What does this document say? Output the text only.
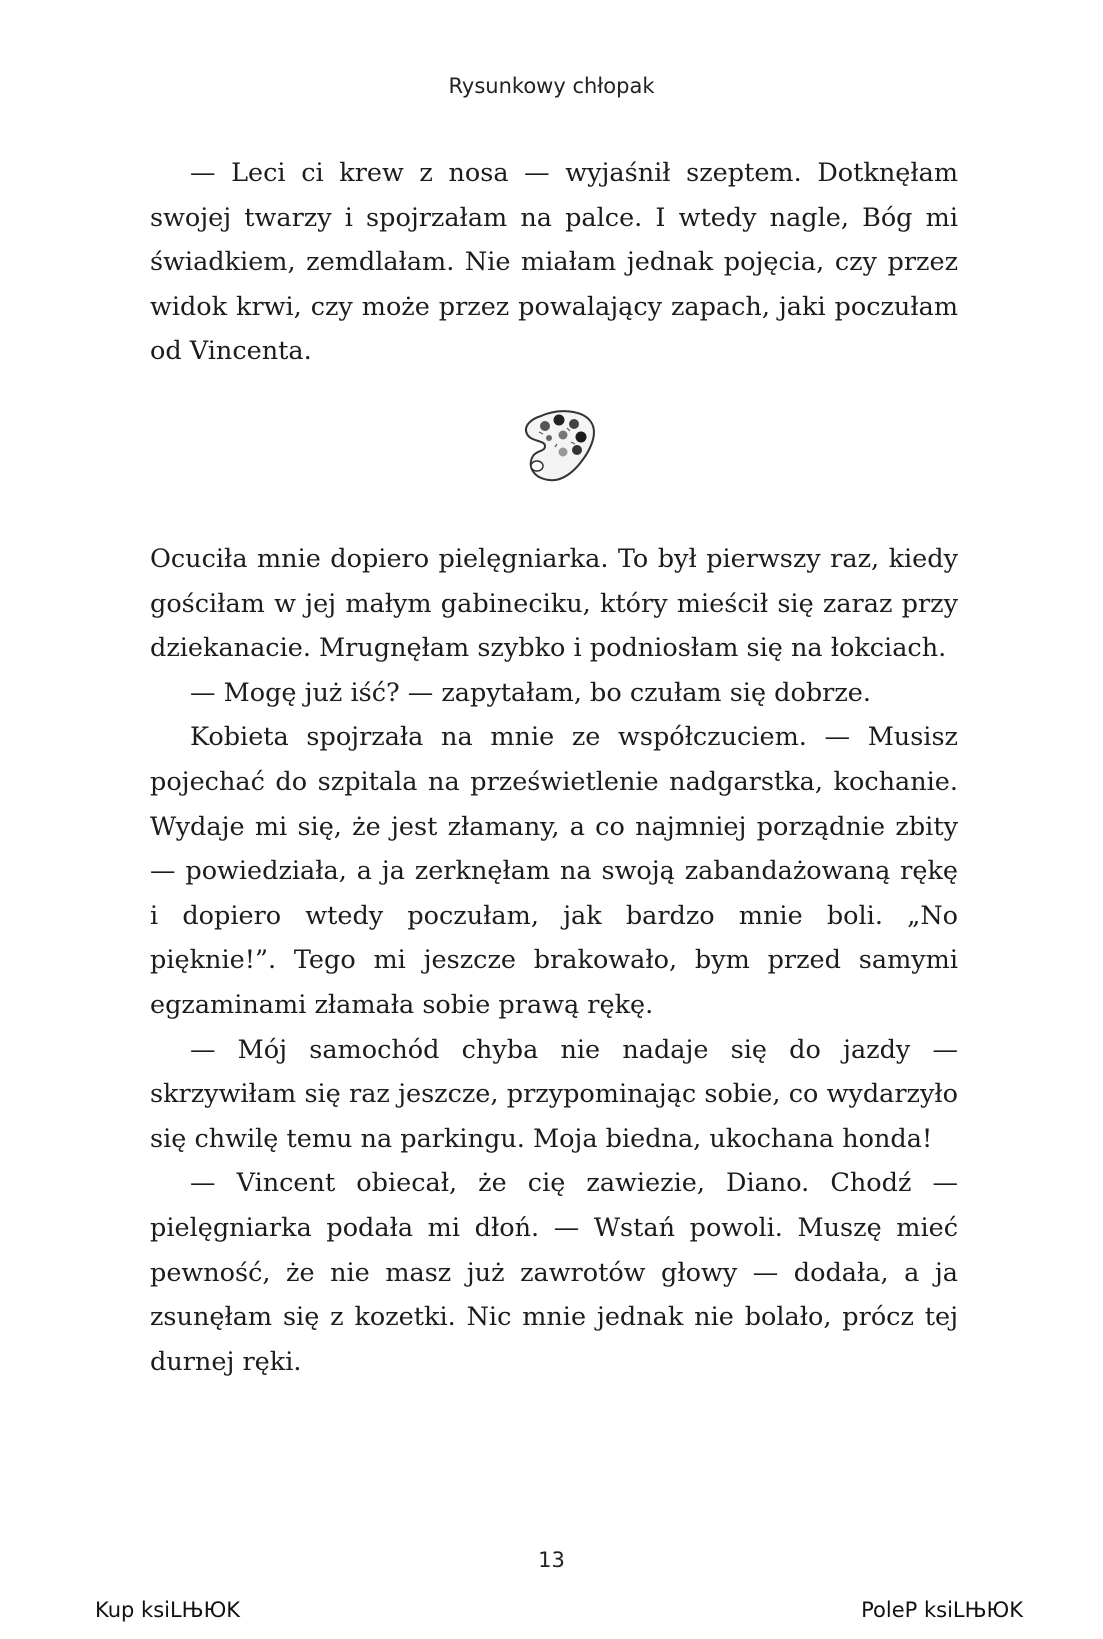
Rysunkowy chłopak

— Leci ci krew z nosa — wyjaśnił szeptem. Dotknęłam swojej twarzy i spojrzałam na palce. I wtedy nagle, Bóg mi świadkiem, zemdlałam. Nie miałam jednak pojęcia, czy przez widok krwi, czy może przez powalający zapach, jaki poczułam od Vincenta.

Ocuciła mnie dopiero pielęgniarka. To był pierwszy raz, kiedy gościłam w jej małym gabineciku, który mieścił się zaraz przy dziekanacie. Mrugnęłam szybko i podniosłam się na łokciach.

— Mogę już iść? — zapytałam, bo czułam się dobrze.

Kobieta spojrzała na mnie ze współczuciem. — Musisz pojechać do szpitala na prześwietlenie nadgarstka, kochanie. Wydaje mi się, że jest złamany, a co najmniej porządnie zbity — powiedziała, a ja zerknęłam na swoją zabandażowaną rękę i dopiero wtedy poczułam, jak bardzo mnie boli. „No pięknie!”. Tego mi jeszcze brakowało, bym przed samymi egzaminami złamała sobie prawą rękę.

— Mój samochód chyba nie nadaje się do jazdy — skrzywiłam się raz jeszcze, przypominając sobie, co wydarzyło się chwilę temu na parkingu. Moja biedna, ukochana honda!

— Vincent obiecał, że cię zawiezie, Diano. Chodź — pielęgniarka podała mi dłoń. — Wstań powoli. Muszę mieć pewność, że nie masz już zawrotów głowy — dodała, a ja zsunęłam się z kozetki. Nic mnie jednak nie bolało, prócz tej durnej ręki.

13
Kup ksiLЊЮK	PoleP ksiLЊЮK
